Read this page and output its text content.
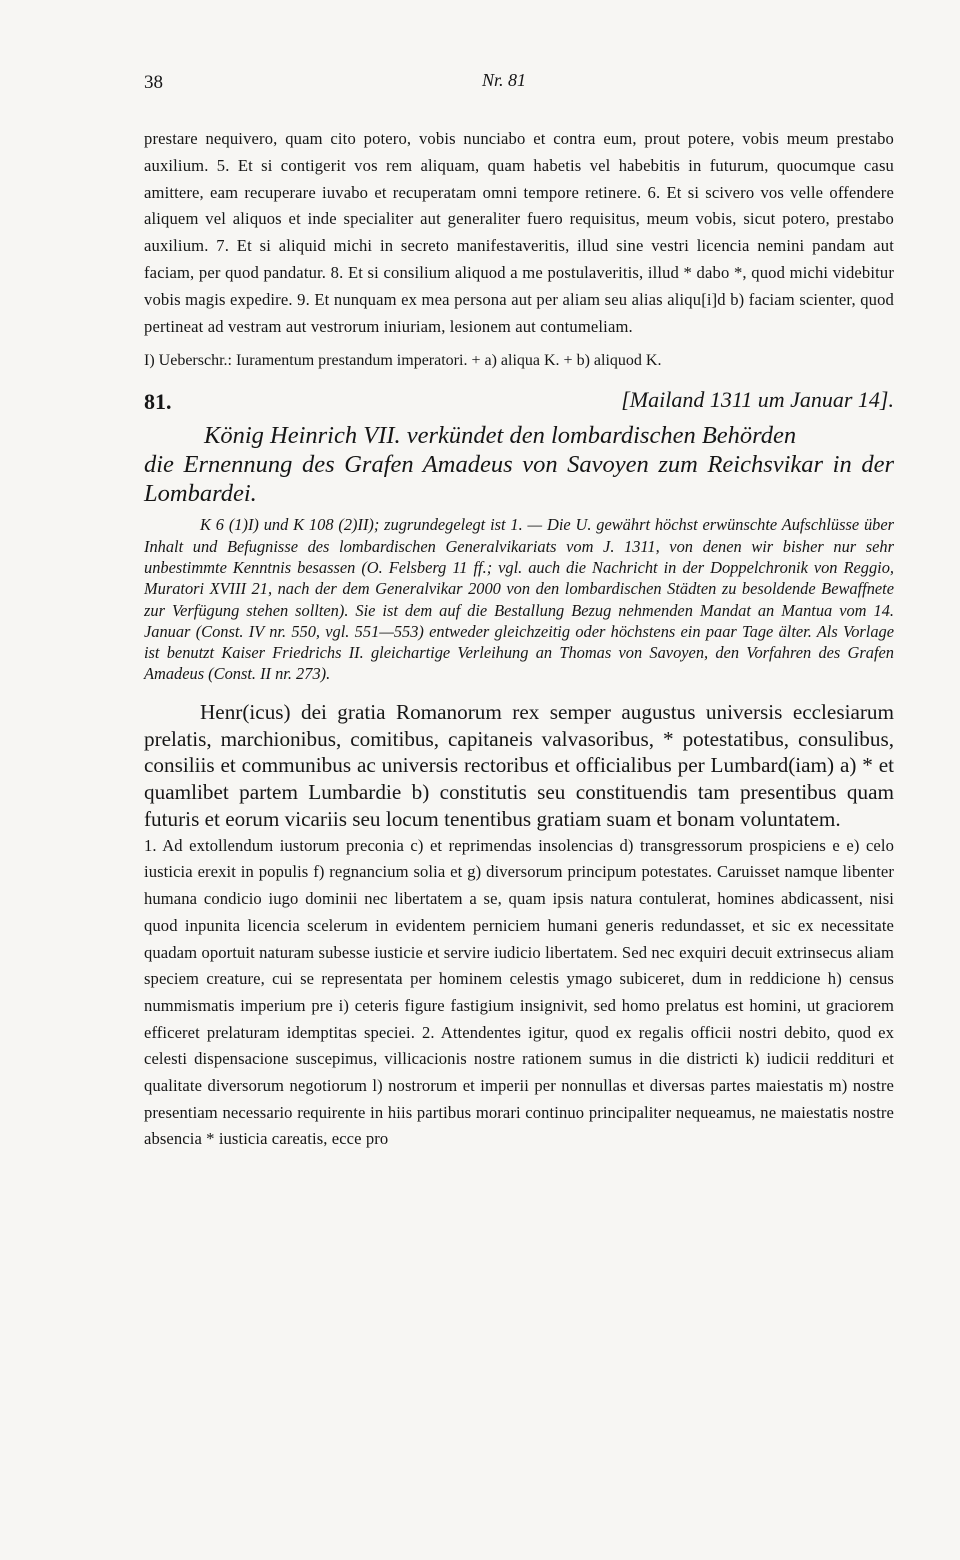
38	Nr. 81
prestare nequivero, quam cito potero, vobis nunciabo et contra eum, prout potere, vobis meum prestabo auxilium. 5. Et si contigerit vos rem aliquam, quam habetis vel habebitis in futurum, quocumque casu amittere, eam recuperare iuvabo et recuperatam omni tempore retinere. 6. Et si scivero vos velle offendere aliquem vel aliquos et inde specialiter aut generaliter fuero requisitus, meum vobis, sicut potero, prestabo auxilium. 7. Et si aliquid michi in secreto manifestaveritis, illud sine vestri licencia nemini pandam aut faciam, per quod pandatur. 8. Et si consilium aliquod a me postulaveritis, illud * dabo *, quod michi videbitur vobis magis expedire. 9. Et nunquam ex mea persona aut per aliam seu alias aliqu[i]d b) faciam scienter, quod pertineat ad vestram aut vestrorum iniuriam, lesionem aut contumeliam.
I) Ueberschr.: Iuramentum prestandum imperatori. + a) aliqua K. + b) aliquod K.
81.	[Mailand 1311 um Januar 14].
König Heinrich VII. verkündet den lombardischen Behörden
die Ernennung des Grafen Amadeus von Savoyen zum Reichsvikar in der Lombardei.
K 6 (1)I) und K 108 (2)II); zugrundegelegt ist 1. — Die U. gewährt höchst erwünschte Aufschlüsse über Inhalt und Befugnisse des lombardischen Generalvikariats vom J. 1311, von denen wir bisher nur sehr unbestimmte Kenntnis besassen (O. Felsberg 11 ff.; vgl. auch die Nachricht in der Doppelchronik von Reggio, Muratori XVIII 21, nach der dem Generalvikar 2000 von den lombardischen Städten zu besoldende Bewaffnete zur Verfügung stehen sollten). Sie ist dem auf die Bestallung Bezug nehmenden Mandat an Mantua vom 14. Januar (Const. IV nr. 550, vgl. 551—553) entweder gleichzeitig oder höchstens ein paar Tage älter. Als Vorlage ist benutzt Kaiser Friedrichs II. gleichartige Verleihung an Thomas von Savoyen, den Vorfahren des Grafen Amadeus (Const. II nr. 273).
Henr(icus) dei gratia Romanorum rex semper augustus universis ecclesiarum prelatis, marchionibus, comitibus, capitaneis valvasoribus, * potestatibus, consulibus, consiliis et communibus ac universis rectoribus et officialibus per Lumbard(iam) a) * et quamlibet partem Lumbardie b) constitutis seu constituendis tam presentibus quam futuris et eorum vicariis seu locum tenentibus gratiam suam et bonam voluntatem.
1. Ad extollendum iustorum preconia c) et reprimendas insolencias d) transgressorum prospiciens e e) celo iusticia erexit in populis f) regnancium solia et g) diversorum principum potestates. Caruisset namque libenter humana condicio iugo dominii nec libertatem a se, quam ipsis natura contulerat, homines abdicassent, nisi quod inpunita licencia scelerum in evidentem perniciem humani generis redundasset, et sic ex necessitate quadam oportuit naturam subesse iusticie et servire iudicio libertatem. Sed nec exquiri decuit extrinsecus aliam speciem creature, cui se representata per hominem celestis ymago subiceret, dum in reddicione h) census nummismatis imperium pre i) ceteris figure fastigium insignivit, sed homo prelatus est homini, ut graciorem efficeret prelaturam idemptitas speciei. 2. Attendentes igitur, quod ex regalis officii nostri debito, quod ex celesti dispensacione suscepimus, villicacionis nostre rationem sumus in die districti k) iudicii reddituri et qualitate diversorum negotiorum l) nostrorum et imperii per nonnullas et diversas partes maiestatis m) nostre presentiam necessario requirente in hiis partibus morari continuo principaliter nequeamus, ne maiestatis nostre absencia * iusticia careatis, ecce pro
